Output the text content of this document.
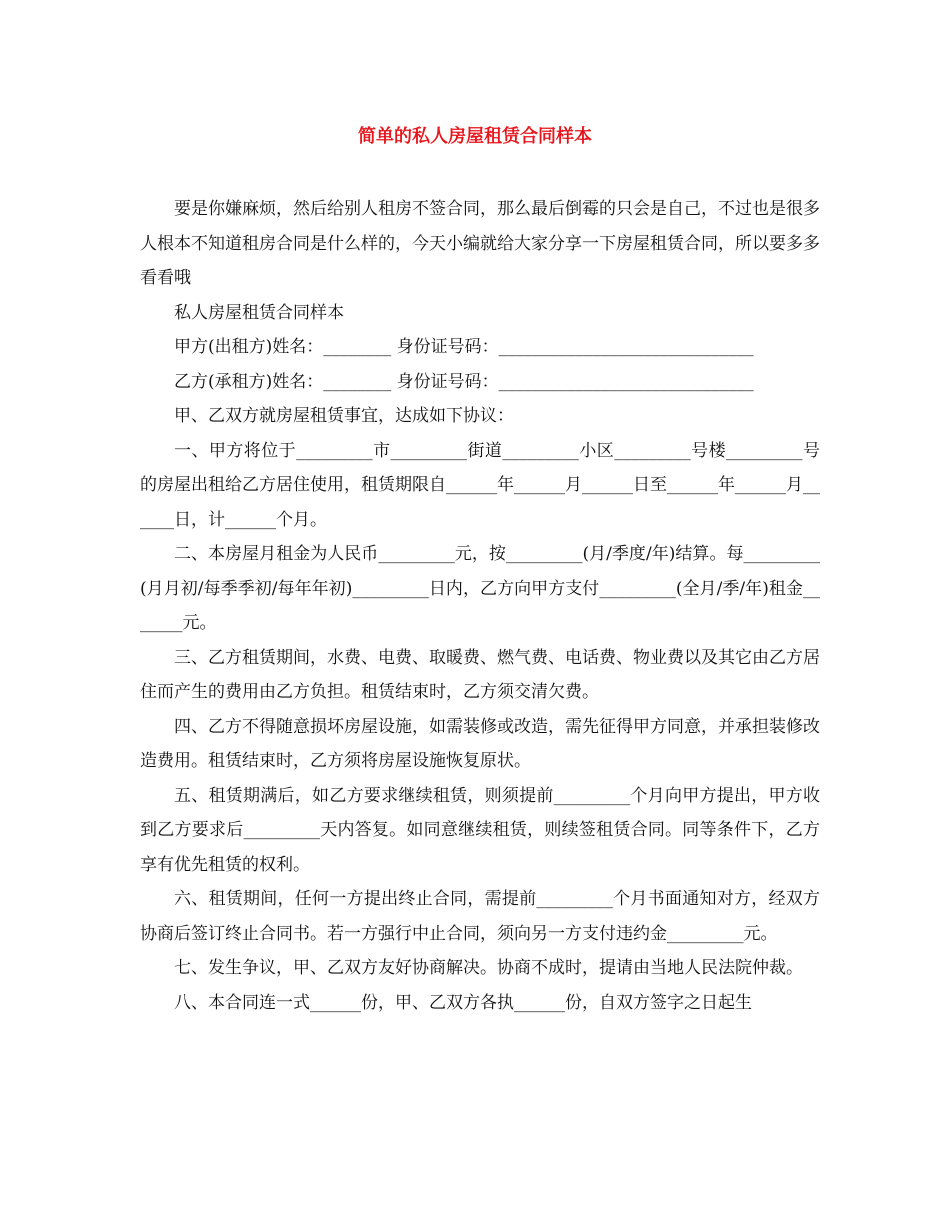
简单的私人房屋租赁合同样本

要是你嫌麻烦，然后给别人租房不签合同，那么最后倒霉的只会是自己，不过也是很多人根本不知道租房合同是什么样的，今天小编就给大家分享一下房屋租赁合同，所以要多多看看哦

私人房屋租赁合同样本

甲方(出租方)姓名：________ 身份证号码：______________________________

乙方(承租方)姓名：________ 身份证号码：______________________________

甲、乙双方就房屋租赁事宜，达成如下协议：

一、甲方将位于_________市_________街道_________小区_________号楼_________号的房屋出租给乙方居住使用，租赁期限自______年______月______日至______年______月______日，计______个月。

二、本房屋月租金为人民币_________元，按_________(月/季度/年)结算。每_________(月月初/每季季初/每年年初)_________日内，乙方向甲方支付_________(全月/季/年)租金_______元。

三、乙方租赁期间，水费、电费、取暖费、燃气费、电话费、物业费以及其它由乙方居住而产生的费用由乙方负担。租赁结束时，乙方须交清欠费。

四、乙方不得随意损坏房屋设施，如需装修或改造，需先征得甲方同意，并承担装修改造费用。租赁结束时，乙方须将房屋设施恢复原状。

五、租赁期满后，如乙方要求继续租赁，则须提前_________个月向甲方提出，甲方收到乙方要求后_________天内答复。如同意继续租赁，则续签租赁合同。同等条件下，乙方享有优先租赁的权利。

六、租赁期间，任何一方提出终止合同，需提前_________个月书面通知对方，经双方协商后签订终止合同书。若一方强行中止合同，须向另一方支付违约金_________元。

七、发生争议，甲、乙双方友好协商解决。协商不成时，提请由当地人民法院仲裁。

八、本合同连一式______份，甲、乙双方各执______份，自双方签字之日起生
